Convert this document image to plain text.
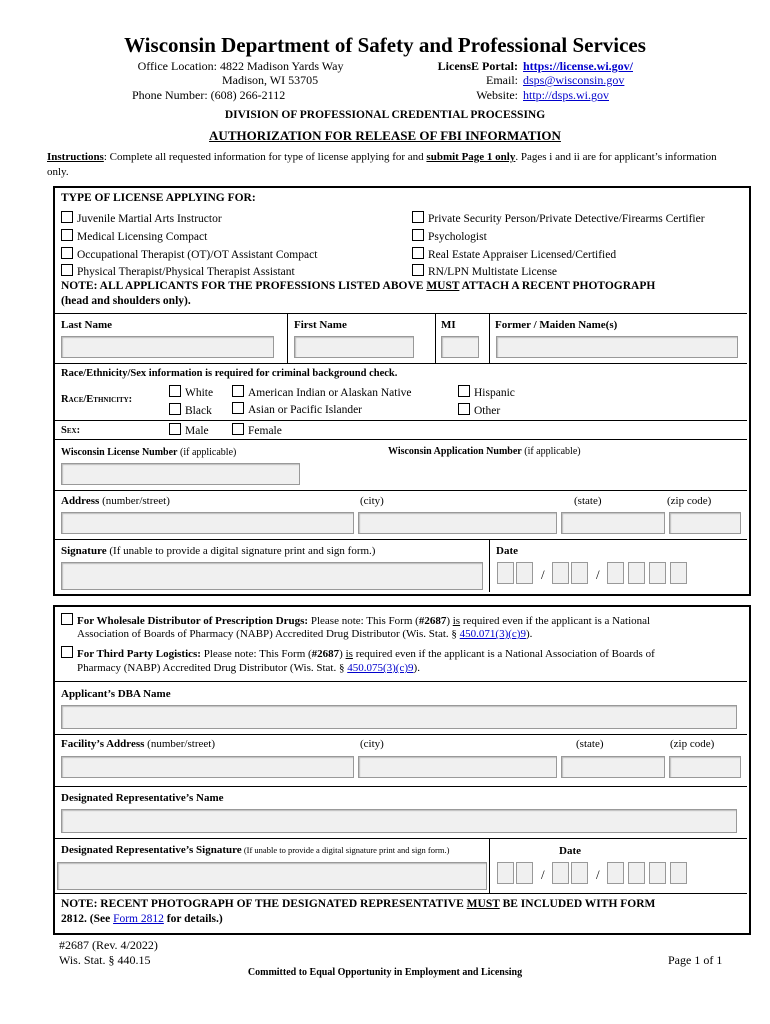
Wisconsin Department of Safety and Professional Services
Office Location: 4822 Madison Yards Way
Madison, WI 53705
Phone Number: (608) 266-2112
LicensE Portal: https://license.wi.gov/
Email: dsps@wisconsin.gov
Website: http://dsps.wi.gov
DIVISION OF PROFESSIONAL CREDENTIAL PROCESSING
AUTHORIZATION FOR RELEASE OF FBI INFORMATION
Instructions: Complete all requested information for type of license applying for and submit Page 1 only. Pages i and ii are for applicant’s information only.
TYPE OF LICENSE APPLYING FOR:
Juvenile Martial Arts Instructor
Medical Licensing Compact
Occupational Therapist (OT)/OT Assistant Compact
Physical Therapist/Physical Therapist Assistant
Private Security Person/Private Detective/Firearms Certifier
Psychologist
Real Estate Appraiser Licensed/Certified
RN/LPN Multistate License
NOTE: ALL APPLICANTS FOR THE PROFESSIONS LISTED ABOVE MUST ATTACH A RECENT PHOTOGRAPH
(head and shoulders only).
Last Name	First Name	MI	Former / Maiden Name(s)
Race/Ethnicity/Sex information is required for criminal background check.
Race/Ethnicity:
White
Black
American Indian or Alaskan Native
Asian or Pacific Islander
Hispanic
Other
Sex:	Male	Female
Wisconsin License Number (if applicable)	Wisconsin Application Number (if applicable)
Address (number/street)	(city)	(state)	(zip code)
Signature (If unable to provide a digital signature print and sign form.)	Date
/	/
For Wholesale Distributor of Prescription Drugs: Please note: This Form (#2687) is required even if the applicant is a National
Association of Boards of Pharmacy (NABP) Accredited Drug Distributor (Wis. Stat. § 450.071(3)(c)9).
For Third Party Logistics: Please note: This Form (#2687) is required even if the applicant is a National Association of Boards of
Pharmacy (NABP) Accredited Drug Distributor (Wis. Stat. § 450.075(3)(c)9).
Applicant’s DBA Name
Facility’s Address (number/street)	(city)	(state)	(zip code)
Designated Representative’s Name
Designated Representative’s Signature (If unable to provide a digital signature print and sign form.)	Date
/	/
NOTE: RECENT PHOTOGRAPH OF THE DESIGNATED REPRESENTATIVE MUST BE INCLUDED WITH FORM
2812. (See Form 2812 for details.)
#2687 (Rev. 4/2022)
Wis. Stat. § 440.15	Page 1 of 1
Committed to Equal Opportunity in Employment and Licensing
